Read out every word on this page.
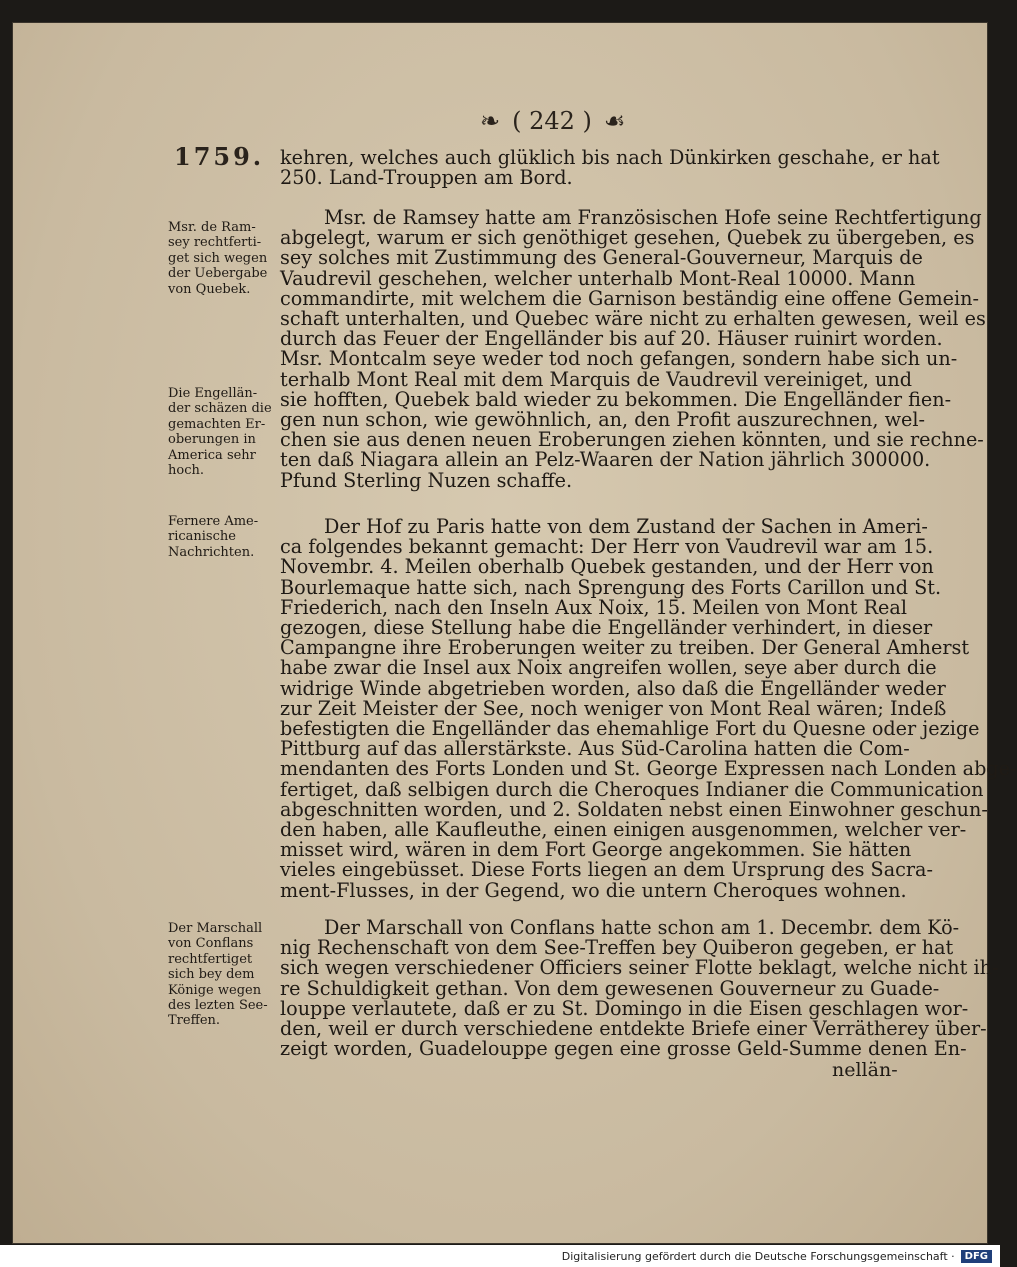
❧ ( 242 ) ☙
1759. kehren, welches auch glüklich bis nach Dünkirken geschahe, er hat
250. Land-Trouppen am Bord.
Msr. de Ram-
sey rechtferti-
get sich wegen
der Uebergabe
von Quebek.
Msr. de Ramsey hatte am Französischen Hofe seine Rechtfertigung
abgelegt, warum er sich genöthiget gesehen, Quebek zu übergeben, es
sey solches mit Zustimmung des General-Gouverneur, Marquis de
Vaudrevil geschehen, welcher unterhalb Mont-Real 10000. Mann
commandirte, mit welchem die Garnison beständig eine offene Gemein-
schaft unterhalten, und Quebec wäre nicht zu erhalten gewesen, weil es
durch das Feuer der Engelländer bis auf 20. Häuser ruinirt worden.
Msr. Montcalm seye weder tod noch gefangen, sondern habe sich un-
terhalb Mont Real mit dem Marquis de Vaudrevil vereiniget, und
sie hofften, Quebek bald wieder zu bekommen. Die Engelländer fien-
gen nun schon, wie gewöhnlich, an, den Profit auszurechnen, wel-
chen sie aus denen neuen Eroberungen ziehen könnten, und sie rechne-
ten daß Niagara allein an Pelz-Waaren der Nation jährlich 300000.
Pfund Sterling Nuzen schaffe.
Die Engellän-
der schäzen die
gemachten Er-
oberungen in
America sehr
hoch.
Fernere Ame-
ricanische
Nachrichten.
Der Hof zu Paris hatte von dem Zustand der Sachen in Ameri-
ca folgendes bekannt gemacht: Der Herr von Vaudrevil war am 15.
Novembr. 4. Meilen oberhalb Quebek gestanden, und der Herr von
Bourlemaque hatte sich, nach Sprengung des Forts Carillon und St.
Friederich, nach den Inseln Aux Noix, 15. Meilen von Mont Real
gezogen, diese Stellung habe die Engelländer verhindert, in dieser
Campangne ihre Eroberungen weiter zu treiben. Der General Amherst
habe zwar die Insel aux Noix angreifen wollen, seye aber durch die
widrige Winde abgetrieben worden, also daß die Engelländer weder
zur Zeit Meister der See, noch weniger von Mont Real wären; Indeß
befestigten die Engelländer das ehemahlige Fort du Quesne oder jezige
Pittburg auf das allerstärkste. Aus Süd-Carolina hatten die Com-
mendanten des Forts Londen und St. George Expressen nach Londen abge-
fertiget, daß selbigen durch die Cheroques Indianer die Communication
abgeschnitten worden, und 2. Soldaten nebst einen Einwohner geschun-
den haben, alle Kaufleuthe, einen einigen ausgenommen, welcher ver-
misset wird, wären in dem Fort George angekommen. Sie hätten
vieles eingebüsset. Diese Forts liegen an dem Ursprung des Sacra-
ment-Flusses, in der Gegend, wo die untern Cheroques wohnen.
Der Marschall
von Conflans
rechtfertiget
sich bey dem
Könige wegen
des lezten See-
Treffen.
Der Marschall von Conflans hatte schon am 1. Decembr. dem Kö-
nig Rechenschaft von dem See-Treffen bey Quiberon gegeben, er hat
sich wegen verschiedener Officiers seiner Flotte beklagt, welche nicht ih-
re Schuldigkeit gethan. Von dem gewesenen Gouverneur zu Guade-
louppe verlautete, daß er zu St. Domingo in die Eisen geschlagen wor-
den, weil er durch verschiedene entdekte Briefe einer Verrätherey über-
zeigt worden, Guadelouppe gegen eine grosse Geld-Summe denen En-
nellän-
Digitalisierung gefördert durch die Deutsche Forschungsgemeinschaft ·	DFG
